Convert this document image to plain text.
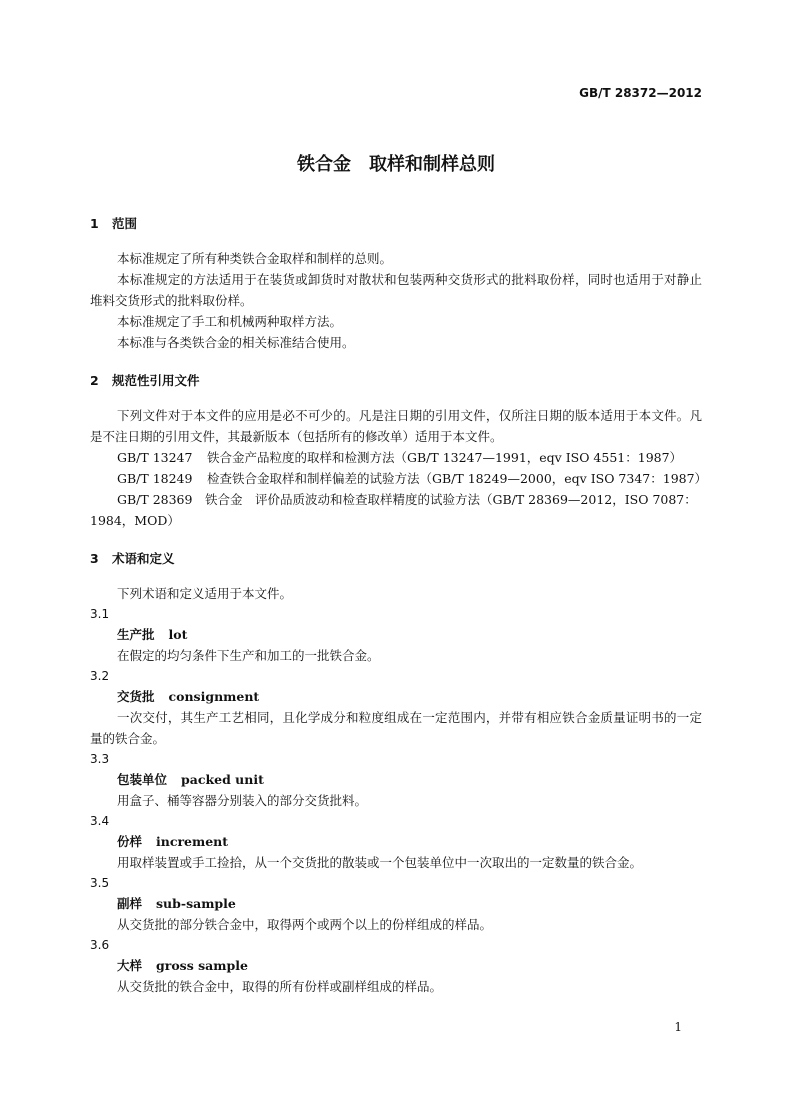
GB/T 28372—2012
铁合金　取样和制样总则
1 范围
本标准规定了所有种类铁合金取样和制样的总则。
本标准规定的方法适用于在装货或卸货时对散状和包装两种交货形式的批料取份样，同时也适用于对静止堆料交货形式的批料取份样。
本标准规定了手工和机械两种取样方法。
本标准与各类铁合金的相关标准结合使用。
2 规范性引用文件
下列文件对于本文件的应用是必不可少的。凡是注日期的引用文件，仅所注日期的版本适用于本文件。凡是不注日期的引用文件，其最新版本（包括所有的修改单）适用于本文件。
GB/T 13247 铁合金产品粒度的取样和检测方法（GB/T 13247—1991，eqv ISO 4551：1987）
GB/T 18249 检查铁合金取样和制样偏差的试验方法（GB/T 18249—2000，eqv ISO 7347：1987）
GB/T 28369　铁合金　评价品质波动和检查取样精度的试验方法（GB/T 28369—2012，ISO 7087：1984，MOD）
3 术语和定义
下列术语和定义适用于本文件。
3.1
生产批 lot
在假定的均匀条件下生产和加工的一批铁合金。
3.2
交货批 consignment
一次交付，其生产工艺相同，且化学成分和粒度组成在一定范围内，并带有相应铁合金质量证明书的一定量的铁合金。
3.3
包装单位 packed unit
用盒子、桶等容器分别装入的部分交货批料。
3.4
份样 increment
用取样装置或手工捡拾，从一个交货批的散装或一个包装单位中一次取出的一定数量的铁合金。
3.5
副样 sub-sample
从交货批的部分铁合金中，取得两个或两个以上的份样组成的样品。
3.6
大样 gross sample
从交货批的铁合金中，取得的所有份样或副样组成的样品。
1
